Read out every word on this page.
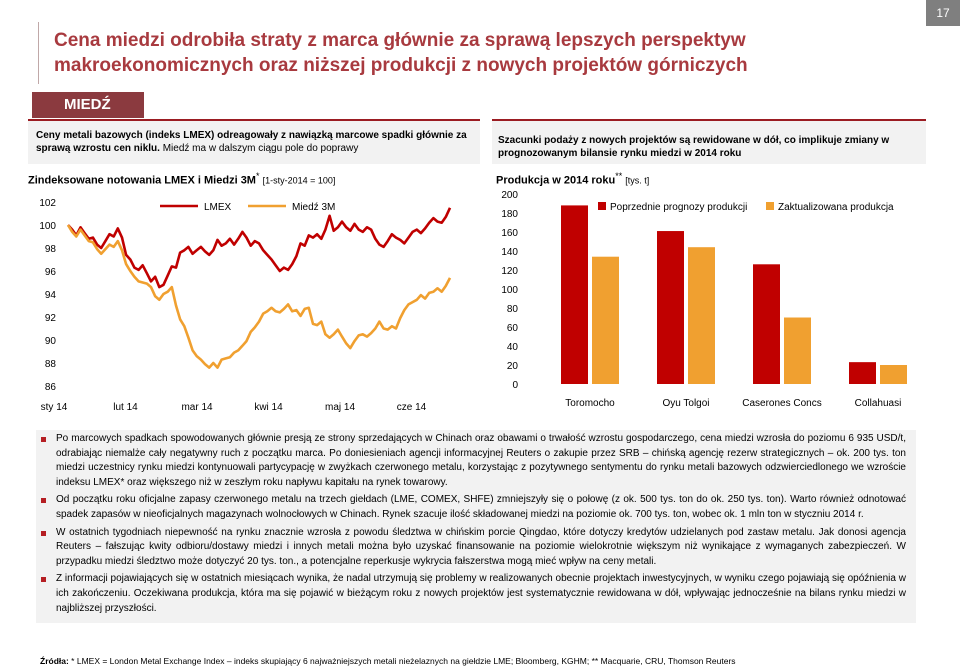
17
Cena miedzi odrobiła straty z marca głównie za sprawą lepszych perspektyw makroekonomicznych oraz niższej produkcji z nowych projektów górniczych
MIEDŹ
Ceny metali bazowych (indeks LMEX) odreagowały z nawiązką marcowe spadki głównie za sprawą wzrostu cen niklu. Miedź ma w dalszym ciągu pole do poprawy
Szacunki podaży z nowych projektów są rewidowane w dół, co implikuje zmiany w prognozowanym bilansie rynku miedzi w 2014 roku
Zindeksowane notowania LMEX i Miedzi 3M* [1-sty-2014 = 100]	Produkcja w 2014 roku** [tys. t]
86
88
90
92
94
96
98
100
102
sty 14	lut 14	mar 14	kwi 14	maj 14	cze 14
LMEX	Miedź 3M
0
20
40
60
80
100
120
140
160
180
200
Toromocho	Oyu Tolgoi	Caserones Concs	Collahuasi
Poprzednie prognozy produkcji	Zaktualizowana produkcja
Po marcowych spadkach spowodowanych głównie presją ze strony sprzedających w Chinach oraz obawami o trwałość wzrostu gospodarczego, cena miedzi wzrosła do poziomu 6 935 USD/t, odrabiając niemalże cały negatywny ruch z początku marca. Po doniesieniach agencji informacyjnej Reuters o zakupie przez SRB – chińską agencję rezerw strategicznych – ok. 200 tys. ton miedzi uczestnicy rynku miedzi kontynuowali partycypację w zwyżkach czerwonego metalu, korzystając z pozytywnego sentymentu do rynku metali bazowych odzwierciedlonego we wzroście indeksu LMEX* oraz większego niż w zeszłym roku napływu kapitału na rynek towarowy.
Od początku roku oficjalne zapasy czerwonego metalu na trzech giełdach (LME, COMEX, SHFE) zmniejszyły się o połowę (z ok. 500 tys. ton do ok. 250 tys. ton). Warto również odnotować spadek zapasów w nieoficjalnych magazynach wolnocłowych w Chinach. Rynek szacuje ilość składowanej miedzi na poziomie ok. 700 tys. ton, wobec ok. 1 mln ton w styczniu 2014 r.
W ostatnich tygodniach niepewność na rynku znacznie wzrosła z powodu śledztwa w chińskim porcie Qingdao, które dotyczy kredytów udzielanych pod zastaw metalu. Jak donosi agencja Reuters – fałszując kwity odbioru/dostawy miedzi i innych metali można było uzyskać finansowanie na poziomie wielokrotnie większym niż wynikające z wymaganych zabezpieczeń. W przypadku miedzi śledztwo może dotyczyć 20 tys. ton., a potencjalne reperkusje wykrycia fałszerstwa mogą mieć wpływ na ceny metali.
Z informacji pojawiających się w ostatnich miesiącach wynika, że nadal utrzymują się problemy w realizowanych obecnie projektach inwestycyjnych, w wyniku czego pojawiają się opóźnienia w ich zakończeniu. Oczekiwana produkcja, która ma się pojawić w bieżącym roku z nowych projektów jest systematycznie rewidowana w dół, wpływając jednocześnie na bilans rynku miedzi w najbliższej przyszłości.
Źródła: * LMEX = London Metal Exchange Index – indeks skupiający 6 najważniejszych metali nieżelaznych na giełdzie LME; Bloomberg, KGHM; ** Macquarie, CRU, Thomson Reuters
